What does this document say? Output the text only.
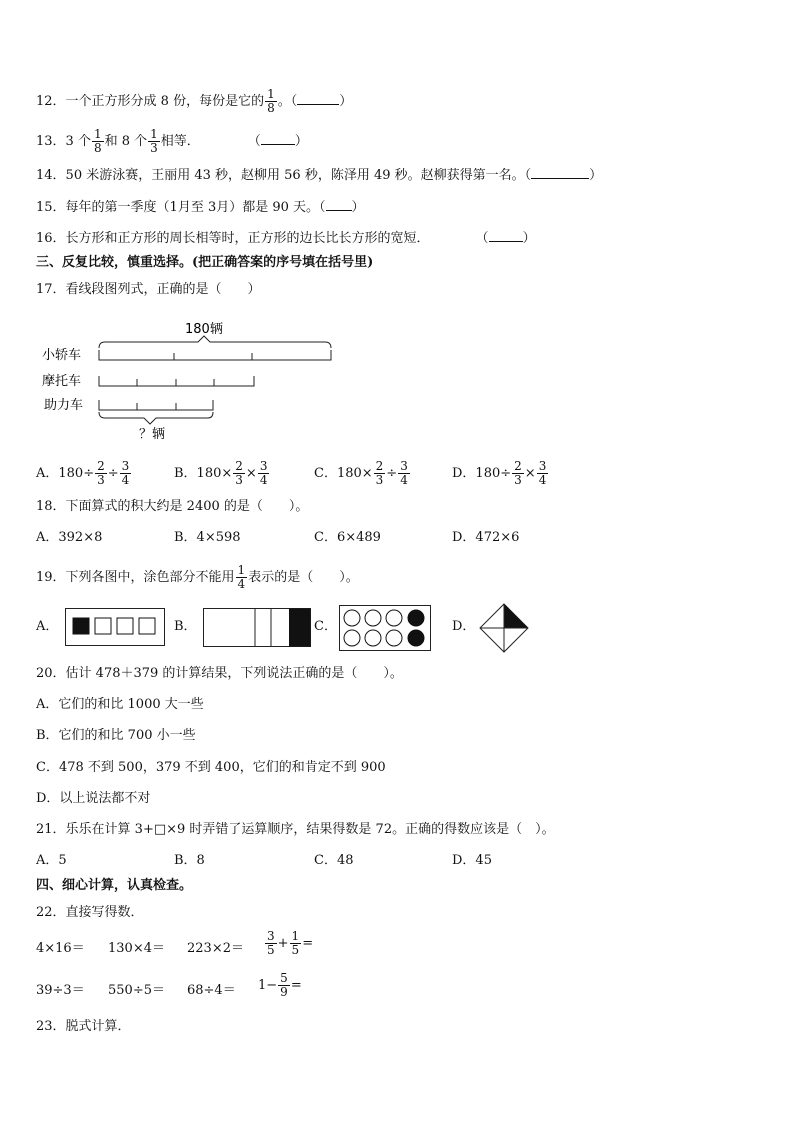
12．一个正方形分成 8 份，每份是它的 $\frac{1}{8}$ 。（	）
13．3 个 $\frac{1}{8}$ 和 8 个 $\frac{1}{3}$ 相等．	（	）
14．50 米游泳赛，王丽用 43 秒，赵柳用 56 秒，陈泽用 49 秒。赵柳获得第一名。（	）
15．每年的第一季度（1月至 3月）都是 90 天。（ ）
16．长方形和正方形的周长相等时，正方形的边长比长方形的宽短．	（	）
三、反复比较，慎重选择。(把正确答案的序号填在括号里)
17．看线段图列式，正确的是（　　）
180辆
小轿车
摩托车
助力车
？辆
A．$180\div \frac{2}{3} \div \frac{3}{4}$	B．$180\times \frac{2}{3} \times \frac{3}{4}$	C．$180\times \frac{2}{3} \div \frac{3}{4}$	D．$180\div \frac{2}{3} \times \frac{3}{4}$
18．下面算式的积大约是 2400 的是（　　）。
A．392×8	B．4×598	C．6×489	D．472×6
19．下列各图中，涂色部分不能用 $\frac{1}{4}$ 表示的是（　　）。
A．	B．	C．	D．
20．估计 478＋379 的计算结果，下列说法正确的是（　　）。
A．它们的和比 1000 大一些
B．它们的和比 700 小一些
C．478 不到 500，379 不到 400，它们的和肯定不到 900
D．以上说法都不对
21．乐乐在计算 3+□×9 时弄错了运算顺序，结果得数是 72。正确的得数应该是（　）。
A．5	B．8	C．48	D．45
四、细心计算，认真检查。
22．直接写得数．
$4\times 16= 130\times 4= 223\times 2= \frac{3}{5} + \frac{1}{5}$ =
$39\div 3= 550\div 5= 68\div 4= 1- \frac{5}{9}$ =
23．脱式计算．
